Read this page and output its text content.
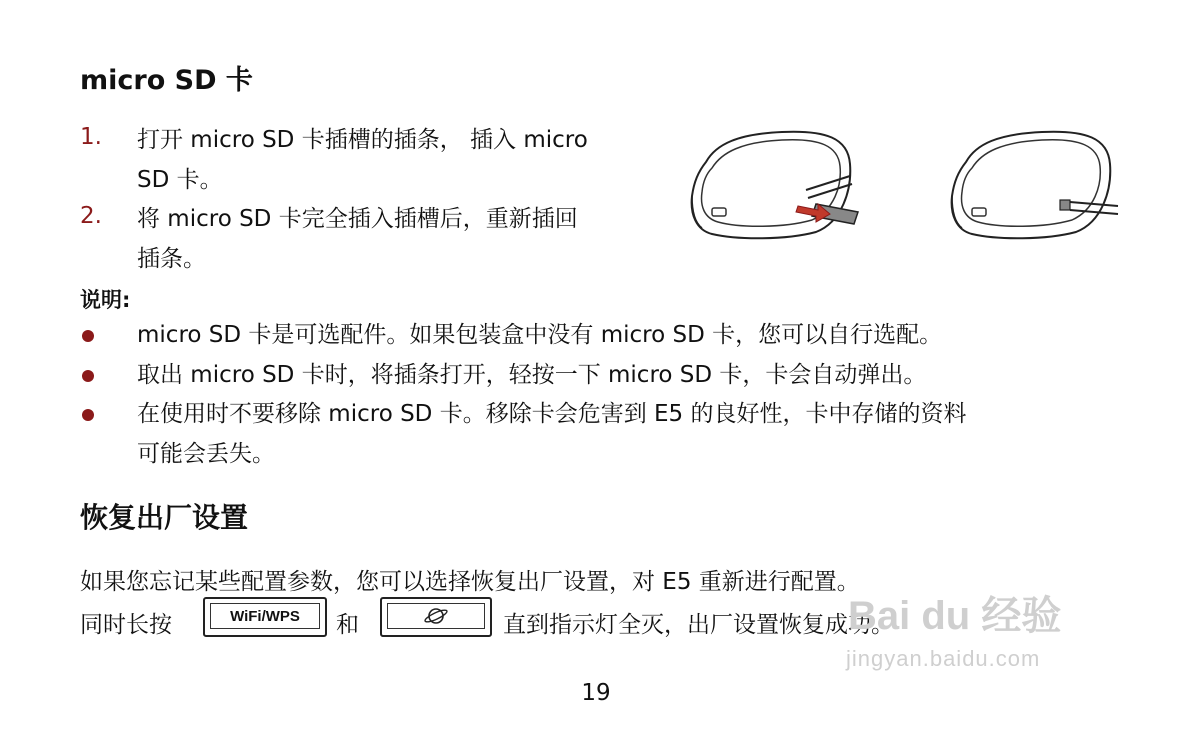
micro SD 卡
1. 打开 micro SD 卡插槽的插条， 插入 micro
SD 卡。
2. 将 micro SD 卡完全插入插槽后，重新插回
插条。
说明:
micro SD 卡是可选配件。如果包装盒中没有 micro SD 卡，您可以自行选配。
取出 micro SD 卡时，将插条打开，轻按一下 micro SD 卡，卡会自动弹出。
在使用时不要移除 micro SD 卡。移除卡会危害到 E5 的良好性，卡中存储的资料
可能会丢失。
恢复出厂设置
如果您忘记某些配置参数，您可以选择恢复出厂设置，对 E5 重新进行配置。
同时长按	WiFi/WPS	和	直到指示灯全灭，出厂设置恢复成功。
Bai du 经验
jingyan.baidu.com
19
